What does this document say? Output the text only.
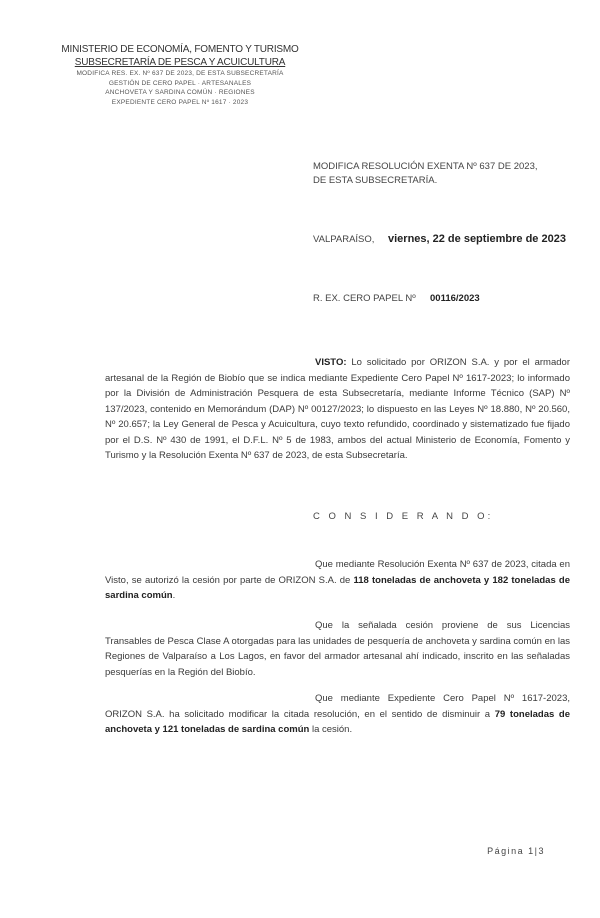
MINISTERIO DE ECONOMÍA, FOMENTO Y TURISMO
SUBSECRETARÍA DE PESCA Y ACUICULTURA
MODIFICA RES. EX. Nº 637 DE 2023, DE ESTA SUBSECRETARÍA
GESTIÓN DE CERO PAPEL · ARTESANALES
ANCHOVETA Y SARDINA COMÚN · REGIONES
EXPEDIENTE CERO PAPEL Nº 1617 · 2023
MODIFICA RESOLUCIÓN EXENTA Nº 637 DE 2023, DE ESTA SUBSECRETARÍA.
VALPARAÍSO, viernes, 22 de septiembre de 2023
R. EX. CERO PAPEL Nº 00116/2023
VISTO: Lo solicitado por ORIZON S.A. y por el armador artesanal de la Región de Biobío que se indica mediante Expediente Cero Papel Nº 1617-2023; lo informado por la División de Administración Pesquera de esta Subsecretaría, mediante Informe Técnico (SAP) Nº 137/2023, contenido en Memorándum (DAP) Nº 00127/2023; lo dispuesto en las Leyes Nº 18.880, Nº 20.560, Nº 20.657; la Ley General de Pesca y Acuicultura, cuyo texto refundido, coordinado y sistematizado fue fijado por el D.S. Nº 430 de 1991, el D.F.L. Nº 5 de 1983, ambos del actual Ministerio de Economía, Fomento y Turismo y la Resolución Exenta Nº 637 de 2023, de esta Subsecretaría.
C O N S I D E R A N D O:
Que mediante Resolución Exenta Nº 637 de 2023, citada en Visto, se autorizó la cesión por parte de ORIZON S.A. de 118 toneladas de anchoveta y 182 toneladas de sardina común.
Que la señalada cesión proviene de sus Licencias Transables de Pesca Clase A otorgadas para las unidades de pesquería de anchoveta y sardina común en las Regiones de Valparaíso a Los Lagos, en favor del armador artesanal ahí indicado, inscrito en las señaladas pesquerías en la Región del Biobío.
Que mediante Expediente Cero Papel Nº 1617-2023, ORIZON S.A. ha solicitado modificar la citada resolución, en el sentido de disminuir a 79 toneladas de anchoveta y 121 toneladas de sardina común la cesión.
Página 1|3
